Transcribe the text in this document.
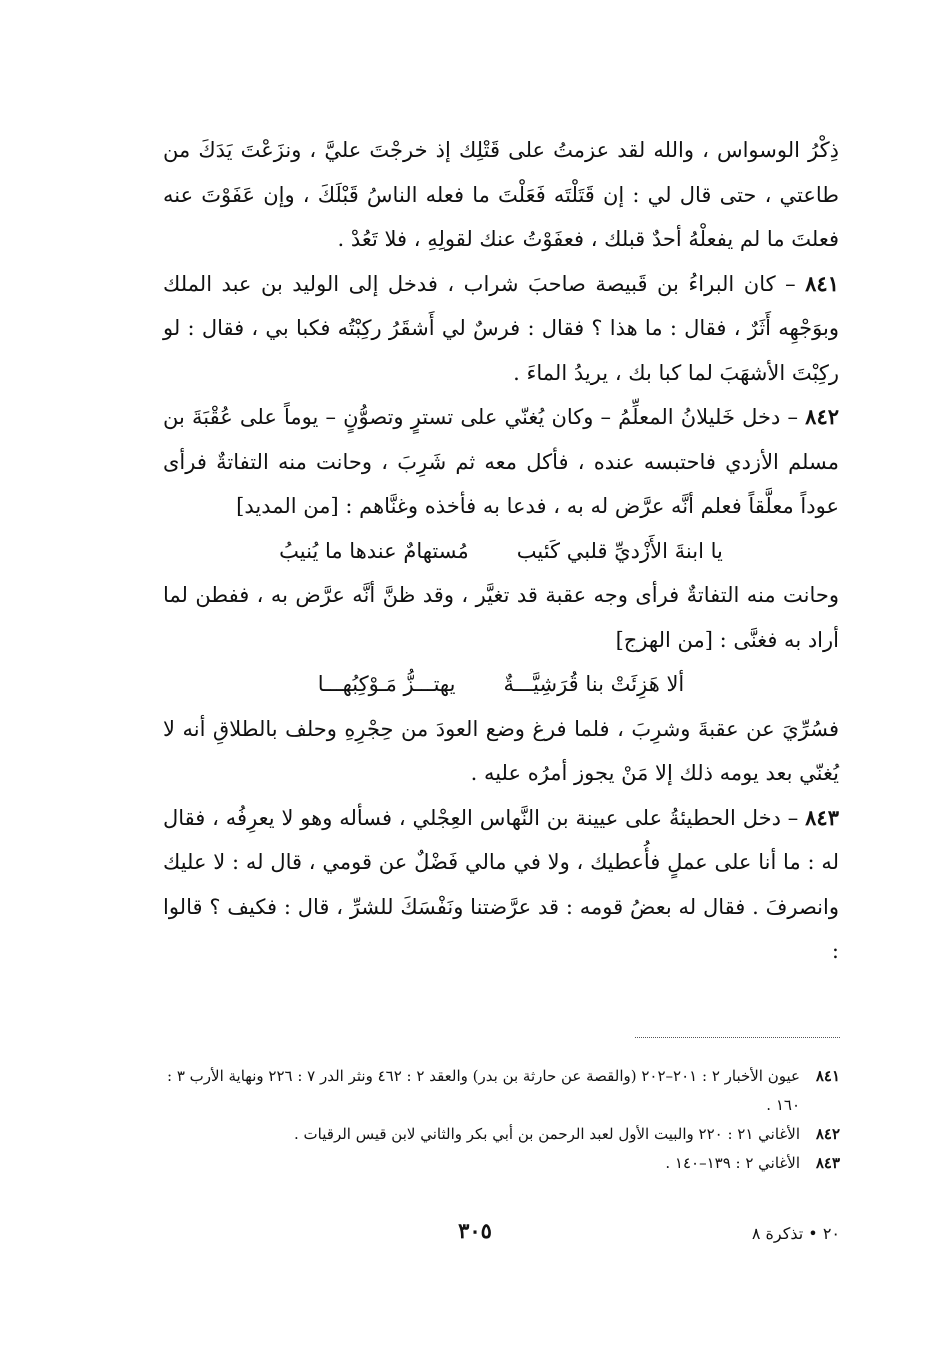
ذِكْرُ الوسواس ، والله لقد عزمتُ على قَتْلِك إذ خرجْتَ عليَّ ، ونزَعْتَ يَدَكَ من طاعتي ، حتى قال لي : إن قَتَلْتَه فَعَلْتَ ما فعله الناسُ قَبْلَكَ ، وإن عَفَوْتَ عنه فعلتَ ما لم يفعلْهُ أحدٌ قبلك ، فعفَوْتُ عنك لقولِهِ ، فلا تَعُدْ .

٨٤١ – كان البراءُ بن قَبيصة صاحبَ شراب ، فدخل إلى الوليد بن عبد الملك وبوَجْهِه أَثَرٌ ، فقال : ما هذا ؟ فقال : فرسٌ لي أَشقَرُ ركِبْتُه فكبا بي ، فقال : لو ركِبْتَ الأشهَبَ لما كبا بك ، يريدُ الماءَ .

٨٤٢ – دخل خَليلانُ المعلِّمُ – وكان يُغنّي على تسترٍ وتصوُّنٍ – يوماً على عُقْبَةَ بن مسلم الأزدي فاحتبسه عنده ، فأكل معه ثم شَرِبَ ، وحانت منه التفاتةٌ فرأى عوداً معلَّقاً فعلم أنَّه عرَّض له به ، فدعا به فأخذه وغنَّاهم : [من المديد]

يا ابنةَ الأَزْديِّ قلبي كَئيب
مُستهامٌ عندها ما يُنيبُ

وحانت منه التفاتةٌ فرأى وجه عقبة قد تغيَّر ، وقد ظنَّ أنَّه عرَّض به ، ففطن لما أراد به فغنَّى : [من الهزج]

ألا هَزِئَتْ بنا قُرَشِيَّـــةٌ
يهتـــزُّ مَـوْكِبُهـــا

فسُرِّيَ عن عقبةَ وشرِبَ ، فلما فرغ وضع العودَ من حِجْرِهِ وحلف بالطلاقِ أنه لا يُغنّي بعد يومه ذلك إلا مَنْ يجوز أمرُه عليه .

٨٤٣ – دخل الحطيئةُ على عيينة بن النَّهاس العِجْلي ، فسأله وهو لا يعرِفُه ، فقال له : ما أنا على عملٍ فأُعطيك ، ولا في مالي فَضْلٌ عن قومي ، قال له : لا عليك وانصرفَ . فقال له بعضُ قومه : قد عرَّضتنا ونَفْسَكَ للشرِّ ، قال : فكيف ؟ قالوا :

٨٤١
عيون الأخبار ٢ : ٢٠١–٢٠٢ (والقصة عن حارثة بن بدر) والعقد ٢ : ٤٦٢ ونثر الدر ٧ : ٢٢٦ ونهاية الأرب ٣ : ١٦٠ .
٨٤٢
الأغاني ٢١ : ٢٢٠ والبيت الأول لعبد الرحمن بن أبي بكر والثاني لابن قيس الرقيات .
٨٤٣
الأغاني ٢ : ١٣٩–١٤٠ .
٢٠ • تذكرة ٨
٣٠٥
